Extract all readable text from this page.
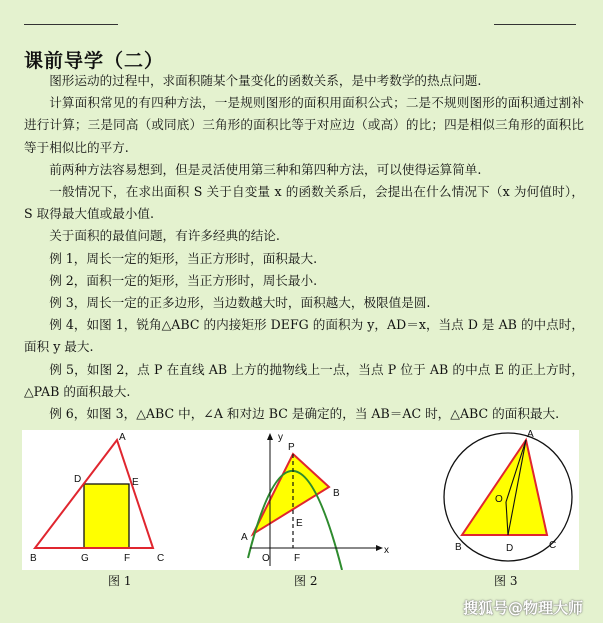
课前导学（二）

图形运动的过程中，求面积随某个量变化的函数关系，是中考数学的热点问题.

计算面积常见的有四种方法，一是规则图形的面积用面积公式；二是不规则图形的面积通过割补进行计算；三是同高（或同底）三角形的面积比等于对应边（或高）的比；四是相似三角形的面积比等于相似比的平方.

前两种方法容易想到，但是灵活使用第三种和第四种方法，可以使得运算简单.

一般情况下，在求出面积 S 关于自变量 x 的函数关系后，会提出在什么情况下（x 为何值时），S 取得最大值或最小值.

关于面积的最值问题，有许多经典的结论.

例 1，周长一定的矩形，当正方形时，面积最大.

例 2，面积一定的矩形，当正方形时，周长最小.

例 3，周长一定的正多边形，当边数越大时，面积越大，极限值是圆.

例 4，如图 1，锐角△ABC 的内接矩形 DEFG 的面积为 y，AD＝x，当点 D 是 AB 的中点时，面积 y 最大.

例 5，如图 2，点 P 在直线 AB 上方的抛物线上一点，当点 P 位于 AB 的中点 E 的正上方时，△PAB 的面积最大.

例 6，如图 3，△ABC 中，∠A 和对边 BC 是确定的，当 AB＝AC 时，△ABC 的面积最大.

A
D	E
B	G	F	C
y
x
P
B
E
A
O F
A
O
B	D	C
图 1	图 2	图 3
搜狐号@物理大师
